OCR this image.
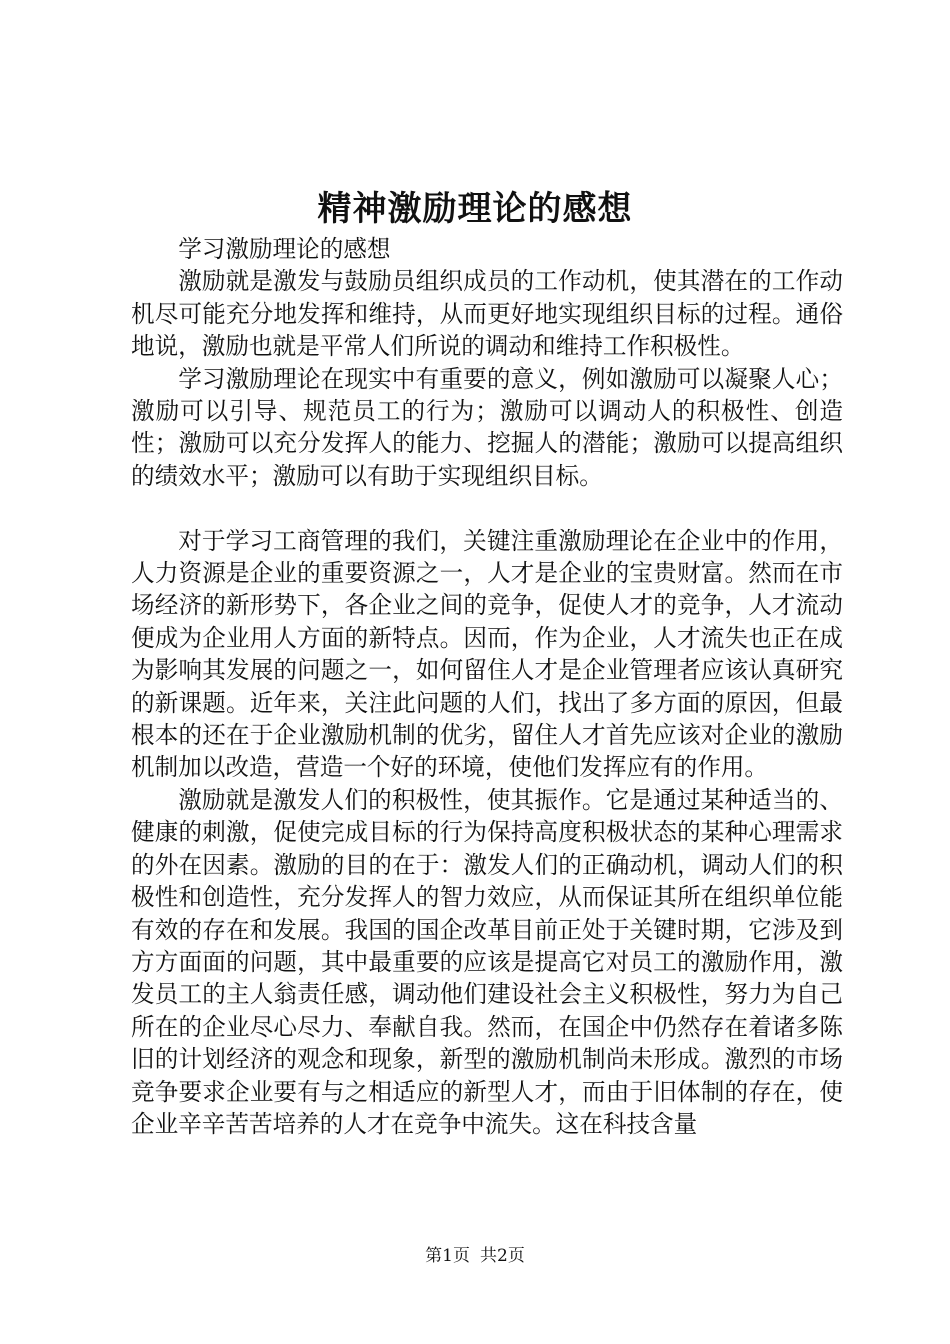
精神激励理论的感想

学习激励理论的感想

激励就是激发与鼓励员组织成员的工作动机，使其潜在的工作动机尽可能充分地发挥和维持，从而更好地实现组织目标的过程。通俗地说，激励也就是平常人们所说的调动和维持工作积极性。

学习激励理论在现实中有重要的意义，例如激励可以凝聚人心；激励可以引导、规范员工的行为；激励可以调动人的积极性、创造性；激励可以充分发挥人的能力、挖掘人的潜能；激励可以提高组织的绩效水平；激励可以有助于实现组织目标。

对于学习工商管理的我们，关键注重激励理论在企业中的作用，人力资源是企业的重要资源之一，人才是企业的宝贵财富。然而在市场经济的新形势下，各企业之间的竞争，促使人才的竞争，人才流动便成为企业用人方面的新特点。因而，作为企业，人才流失也正在成为影响其发展的问题之一，如何留住人才是企业管理者应该认真研究的新课题。近年来，关注此问题的人们，找出了多方面的原因，但最根本的还在于企业激励机制的优劣，留住人才首先应该对企业的激励机制加以改造，营造一个好的环境，使他们发挥应有的作用。

激励就是激发人们的积极性，使其振作。它是通过某种适当的、健康的刺激，促使完成目标的行为保持高度积极状态的某种心理需求的外在因素。激励的目的在于：激发人们的正确动机，调动人们的积极性和创造性，充分发挥人的智力效应，从而保证其所在组织单位能有效的存在和发展。我国的国企改革目前正处于关键时期，它涉及到方方面面的问题，其中最重要的应该是提高它对员工的激励作用，激发员工的主人翁责任感，调动他们建设社会主义积极性，努力为自己所在的企业尽心尽力、奉献自我。然而，在国企中仍然存在着诸多陈旧的计划经济的观念和现象，新型的激励机制尚未形成。激烈的市场竞争要求企业要有与之相适应的新型人才，而由于旧体制的存在，使企业辛辛苦苦培养的人才在竞争中流失。这在科技含量

第1页 共2页
